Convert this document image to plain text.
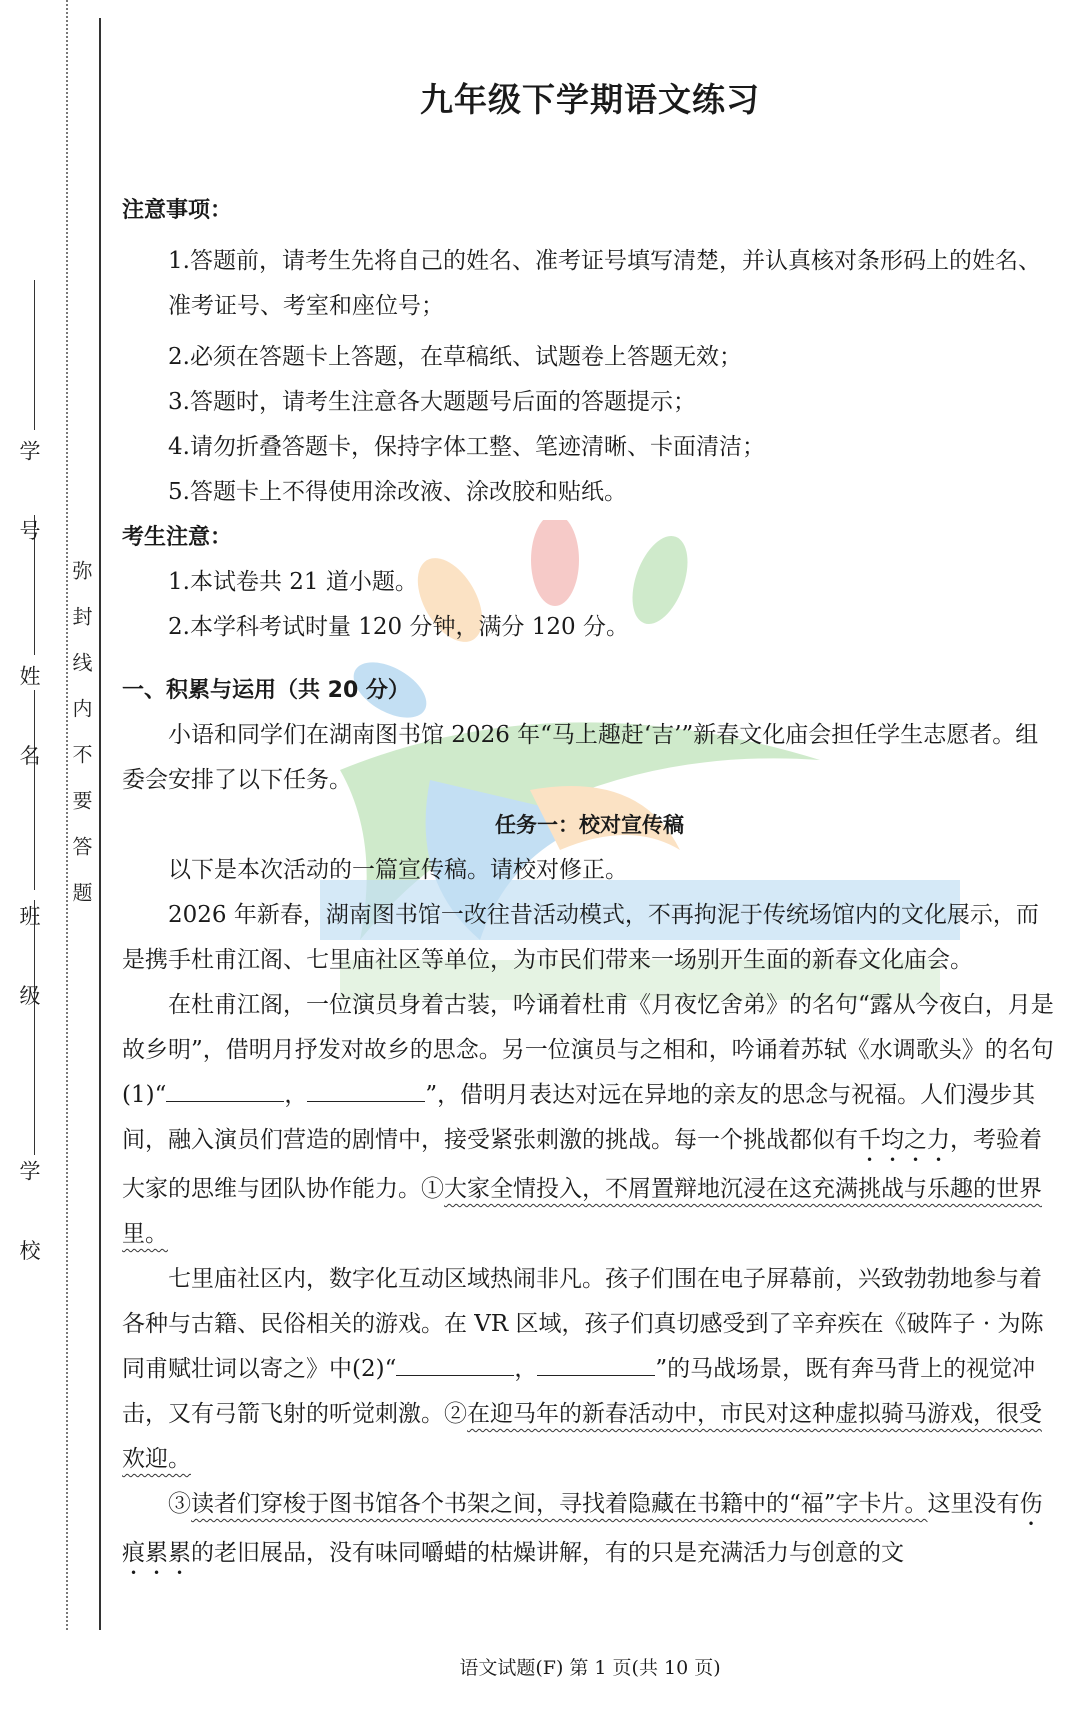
学 校
班 级
姓 名
学 号
弥封线内不要答题
九年级下学期语文练习

注意事项：

1.答题前，请考生先将自己的姓名、准考证号填写清楚，并认真核对条形码上的姓名、准考证号、考室和座位号；

2.必须在答题卡上答题，在草稿纸、试题卷上答题无效；

3.答题时，请考生注意各大题题号后面的答题提示；

4.请勿折叠答题卡，保持字体工整、笔迹清晰、卡面清洁；

5.答题卡上不得使用涂改液、涂改胶和贴纸。

考生注意：

1.本试卷共 21 道小题。

2.本学科考试时量 120 分钟，满分 120 分。

一、积累与运用（共 20 分）

小语和同学们在湖南图书馆 2026 年“马上趣赶‘吉’”新春文化庙会担任学生志愿者。组委会安排了以下任务。

任务一：校对宣传稿

以下是本次活动的一篇宣传稿。请校对修正。

2026 年新春，湖南图书馆一改往昔活动模式，不再拘泥于传统场馆内的文化展示，而是携手杜甫江阁、七里庙社区等单位，为市民们带来一场别开生面的新春文化庙会。

在杜甫江阁，一位演员身着古装，吟诵着杜甫《月夜忆舍弟》的名句“露从今夜白，月是故乡明”，借明月抒发对故乡的思念。另一位演员与之相和，吟诵着苏轼《水调歌头》的名句(1)“	，	”，借明月表达对远在异地的亲友的思念与祝福。人们漫步其间，融入演员们营造的剧情中，接受紧张刺激的挑战。每一个挑战都似有千均之力，考验着大家的思维与团队协作能力。①大家全情投入，不屑置辩地沉浸在这充满挑战与乐趣的世界里。

七里庙社区内，数字化互动区域热闹非凡。孩子们围在电子屏幕前，兴致勃勃地参与着各种与古籍、民俗相关的游戏。在 VR 区域，孩子们真切感受到了辛弃疾在《破阵子 · 为陈同甫赋壮词以寄之》中(2)“	，	”的马战场景，既有奔马背上的视觉冲击，又有弓箭飞射的听觉刺激。②在迎马年的新春活动中，市民对这种虚拟骑马游戏，很受欢迎。

③读者们穿梭于图书馆各个书架之间，寻找着隐藏在书籍中的“福”字卡片。这里没有伤痕累累的老旧展品，没有味同嚼蜡的枯燥讲解，有的只是充满活力与创意的文

语文试题(F) 第 1 页(共 10 页)
